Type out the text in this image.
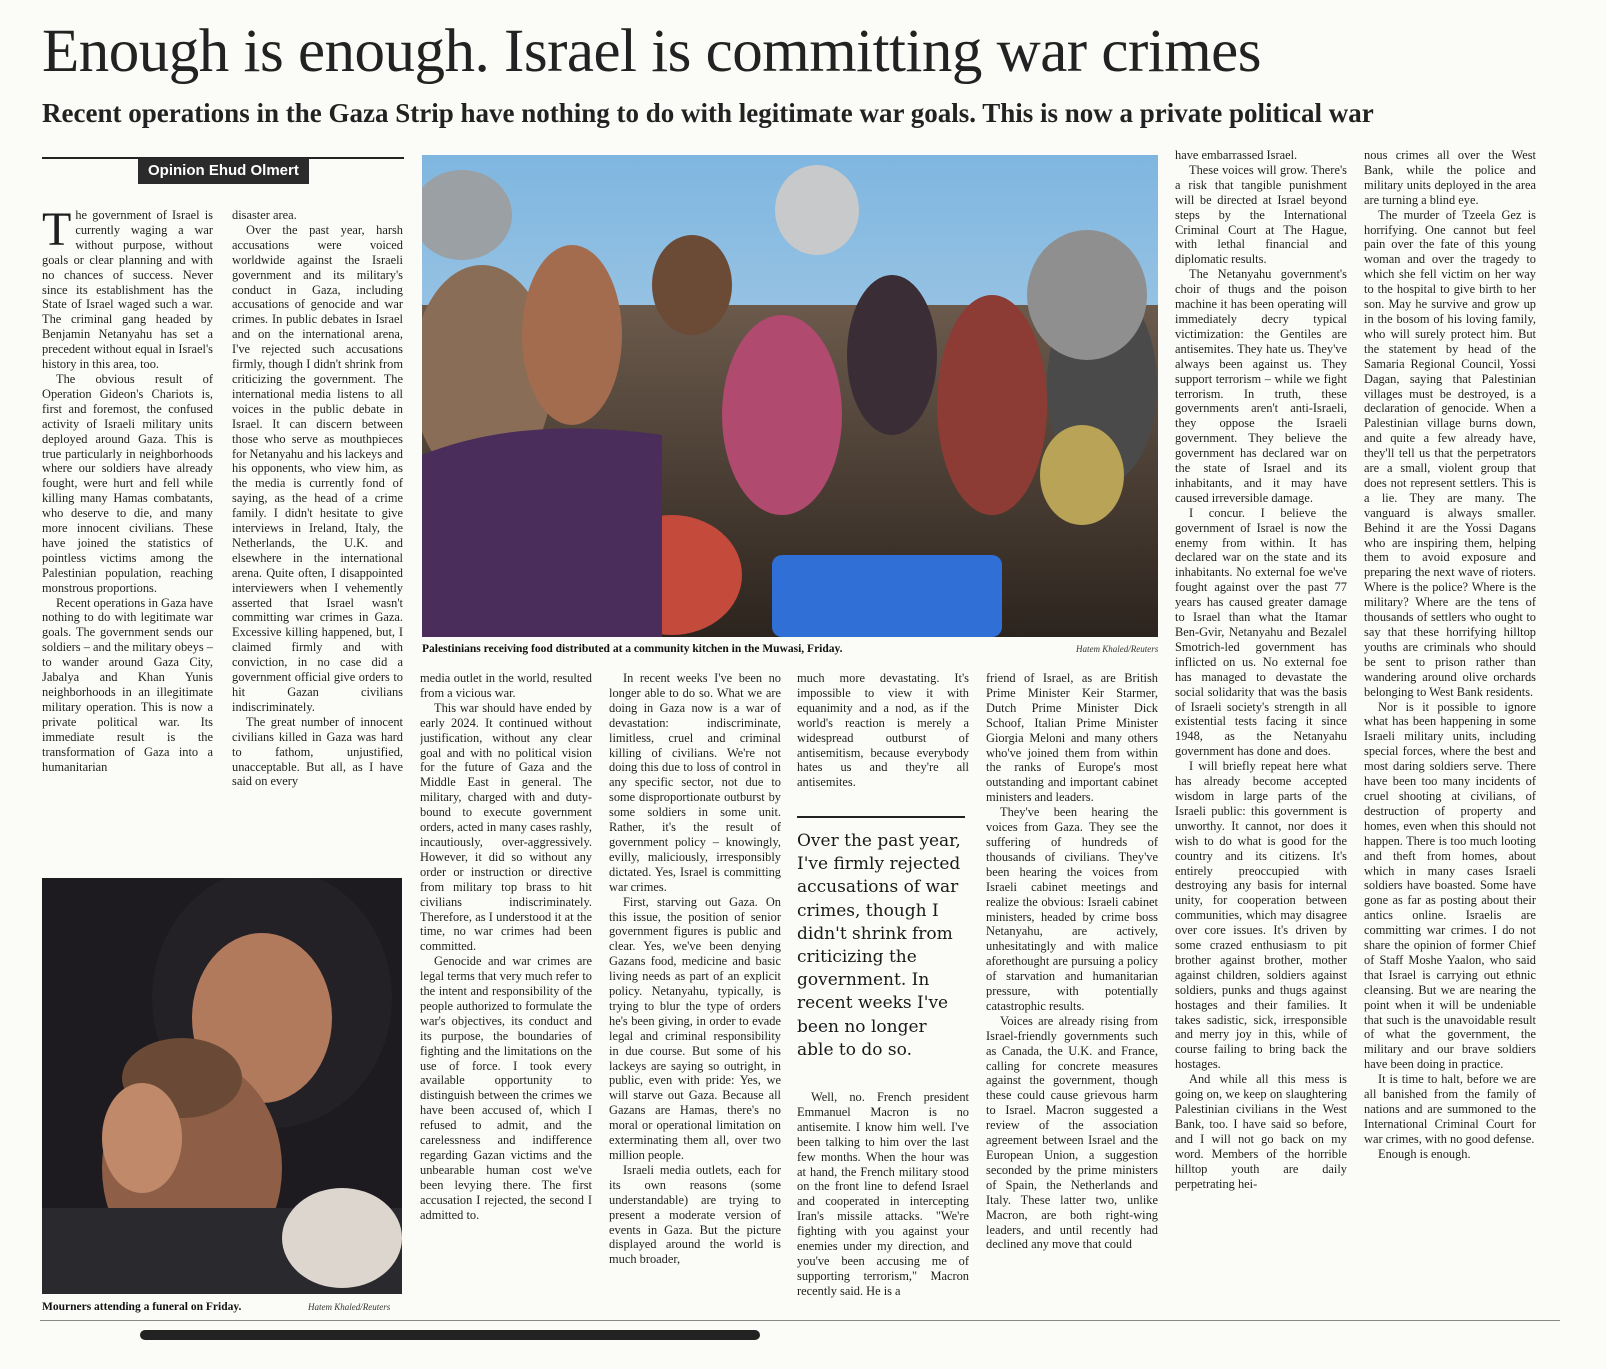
Enough is enough. Israel is committing war crimes
Recent operations in the Gaza Strip have nothing to do with legitimate war goals. This is now a private political war
Opinion Ehud Olmert
Palestinians receiving food distributed at a community kitchen in the Muwasi, Friday.	Hatem Khaled/Reuters
Mourners attending a funeral on Friday.	Hatem Khaled/Reuters

The government of Israel is currently waging a war without purpose, without goals or clear planning and with no chances of success. Never since its establishment has the State of Israel waged such a war. The criminal gang headed by Benjamin Netanyahu has set a precedent without equal in Israel's history in this area, too.

The obvious result of Operation Gideon's Chariots is, first and foremost, the confused activity of Israeli military units deployed around Gaza. This is true particularly in neighborhoods where our soldiers have already fought, were hurt and fell while killing many Hamas combatants, who deserve to die, and many more innocent civilians. These have joined the statistics of pointless victims among the Palestinian population, reaching monstrous proportions.

Recent operations in Gaza have nothing to do with legitimate war goals. The government sends our soldiers – and the military obeys – to wander around Gaza City, Jabalya and Khan Yunis neighborhoods in an illegitimate military operation. This is now a private political war. Its immediate result is the transformation of Gaza into a humanitarian

disaster area.

Over the past year, harsh accusations were voiced worldwide against the Israeli government and its military's conduct in Gaza, including accusations of genocide and war crimes. In public debates in Israel and on the international arena, I've rejected such accusations firmly, though I didn't shrink from criticizing the government. The international media listens to all voices in the public debate in Israel. It can discern between those who serve as mouthpieces for Netanyahu and his lackeys and his opponents, who view him, as the media is currently fond of saying, as the head of a crime family. I didn't hesitate to give interviews in Ireland, Italy, the Netherlands, the U.K. and elsewhere in the international arena. Quite often, I disappointed interviewers when I vehemently asserted that Israel wasn't committing war crimes in Gaza. Excessive killing happened, but, I claimed firmly and with conviction, in no case did a government official give orders to hit Gazan civilians indiscriminately.

The great number of innocent civilians killed in Gaza was hard to fathom, unjustified, unacceptable. But all, as I have said on every

media outlet in the world, resulted from a vicious war.

This war should have ended by early 2024. It continued without justification, without any clear goal and with no political vision for the future of Gaza and the Middle East in general. The military, charged with and duty-bound to execute government orders, acted in many cases rashly, incautiously, over-aggressively. However, it did so without any order or instruction or directive from military top brass to hit civilians indiscriminately. Therefore, as I understood it at the time, no war crimes had been committed.

Genocide and war crimes are legal terms that very much refer to the intent and responsibility of the people authorized to formulate the war's objectives, its conduct and its purpose, the boundaries of fighting and the limitations on the use of force. I took every available opportunity to distinguish between the crimes we have been accused of, which I refused to admit, and the carelessness and indifference regarding Gazan victims and the unbearable human cost we've been levying there. The first accusation I rejected, the second I admitted to.

In recent weeks I've been no longer able to do so. What we are doing in Gaza now is a war of devastation: indiscriminate, limitless, cruel and criminal killing of civilians. We're not doing this due to loss of control in any specific sector, not due to some disproportionate outburst by some soldiers in some unit. Rather, it's the result of government policy – knowingly, evilly, maliciously, irresponsibly dictated. Yes, Israel is committing war crimes.

First, starving out Gaza. On this issue, the position of senior government figures is public and clear. Yes, we've been denying Gazans food, medicine and basic living needs as part of an explicit policy. Netanyahu, typically, is trying to blur the type of orders he's been giving, in order to evade legal and criminal responsibility in due course. But some of his lackeys are saying so outright, in public, even with pride: Yes, we will starve out Gaza. Because all Gazans are Hamas, there's no moral or operational limitation on exterminating them all, over two million people.

Israeli media outlets, each for its own reasons (some understandable) are trying to present a moderate version of events in Gaza. But the picture displayed around the world is much broader,

much more devastating. It's impossible to view it with equanimity and a nod, as if the world's reaction is merely a widespread outburst of antisemitism, because everybody hates us and they're all antisemites.

Over the past year, I've firmly rejected accusations of war crimes, though I didn't shrink from criticizing the government. In recent weeks I've been no longer able to do so.

Well, no. French president Emmanuel Macron is no antisemite. I know him well. I've been talking to him over the last few months. When the hour was at hand, the French military stood on the front line to defend Israel and cooperated in intercepting Iran's missile attacks. "We're fighting with you against your enemies under my direction, and you've been accusing me of supporting terrorism," Macron recently said. He is a

friend of Israel, as are British Prime Minister Keir Starmer, Dutch Prime Minister Dick Schoof, Italian Prime Minister Giorgia Meloni and many others who've joined them from within the ranks of Europe's most outstanding and important cabinet ministers and leaders.

They've been hearing the voices from Gaza. They see the suffering of hundreds of thousands of civilians. They've been hearing the voices from Israeli cabinet meetings and realize the obvious: Israeli cabinet ministers, headed by crime boss Netanyahu, are actively, unhesitatingly and with malice aforethought are pursuing a policy of starvation and humanitarian pressure, with potentially catastrophic results.

Voices are already rising from Israel-friendly governments such as Canada, the U.K. and France, calling for concrete measures against the government, though these could cause grievous harm to Israel. Macron suggested a review of the association agreement between Israel and the European Union, a suggestion seconded by the prime ministers of Spain, the Netherlands and Italy. These latter two, unlike Macron, are both right-wing leaders, and until recently had declined any move that could

have embarrassed Israel.

These voices will grow. There's a risk that tangible punishment will be directed at Israel beyond steps by the International Criminal Court at The Hague, with lethal financial and diplomatic results.

The Netanyahu government's choir of thugs and the poison machine it has been operating will immediately decry typical victimization: the Gentiles are antisemites. They hate us. They've always been against us. They support terrorism – while we fight terrorism. In truth, these governments aren't anti-Israeli, they oppose the Israeli government. They believe the government has declared war on the state of Israel and its inhabitants, and it may have caused irreversible damage.

I concur. I believe the government of Israel is now the enemy from within. It has declared war on the state and its inhabitants. No external foe we've fought against over the past 77 years has caused greater damage to Israel than what the Itamar Ben-Gvir, Netanyahu and Bezalel Smotrich-led government has inflicted on us. No external foe has managed to devastate the social solidarity that was the basis of Israeli society's strength in all existential tests facing it since 1948, as the Netanyahu government has done and does.

I will briefly repeat here what has already become accepted wisdom in large parts of the Israeli public: this government is unworthy. It cannot, nor does it wish to do what is good for the country and its citizens. It's entirely preoccupied with destroying any basis for internal unity, for cooperation between communities, which may disagree over core issues. It's driven by some crazed enthusiasm to pit brother against brother, mother against children, soldiers against soldiers, punks and thugs against hostages and their families. It takes sadistic, sick, irresponsible and merry joy in this, while of course failing to bring back the hostages.

And while all this mess is going on, we keep on slaughtering Palestinian civilians in the West Bank, too. I have said so before, and I will not go back on my word. Members of the horrible hilltop youth are daily perpetrating hei-

nous crimes all over the West Bank, while the police and military units deployed in the area are turning a blind eye.

The murder of Tzeela Gez is horrifying. One cannot but feel pain over the fate of this young woman and over the tragedy to which she fell victim on her way to the hospital to give birth to her son. May he survive and grow up in the bosom of his loving family, who will surely protect him. But the statement by head of the Samaria Regional Council, Yossi Dagan, saying that Palestinian villages must be destroyed, is a declaration of genocide. When a Palestinian village burns down, and quite a few already have, they'll tell us that the perpetrators are a small, violent group that does not represent settlers. This is a lie. They are many. The vanguard is always smaller. Behind it are the Yossi Dagans who are inspiring them, helping them to avoid exposure and preparing the next wave of rioters. Where is the police? Where is the military? Where are the tens of thousands of settlers who ought to say that these horrifying hilltop youths are criminals who should be sent to prison rather than wandering around olive orchards belonging to West Bank residents.

Nor is it possible to ignore what has been happening in some Israeli military units, including special forces, where the best and most daring soldiers serve. There have been too many incidents of cruel shooting at civilians, of destruction of property and homes, even when this should not happen. There is too much looting and theft from homes, about which in many cases Israeli soldiers have boasted. Some have gone as far as posting about their antics online. Israelis are committing war crimes. I do not share the opinion of former Chief of Staff Moshe Yaalon, who said that Israel is carrying out ethnic cleansing. But we are nearing the point when it will be undeniable that such is the unavoidable result of what the government, the military and our brave soldiers have been doing in practice.

It is time to halt, before we are all banished from the family of nations and are summoned to the International Criminal Court for war crimes, with no good defense.

Enough is enough.
